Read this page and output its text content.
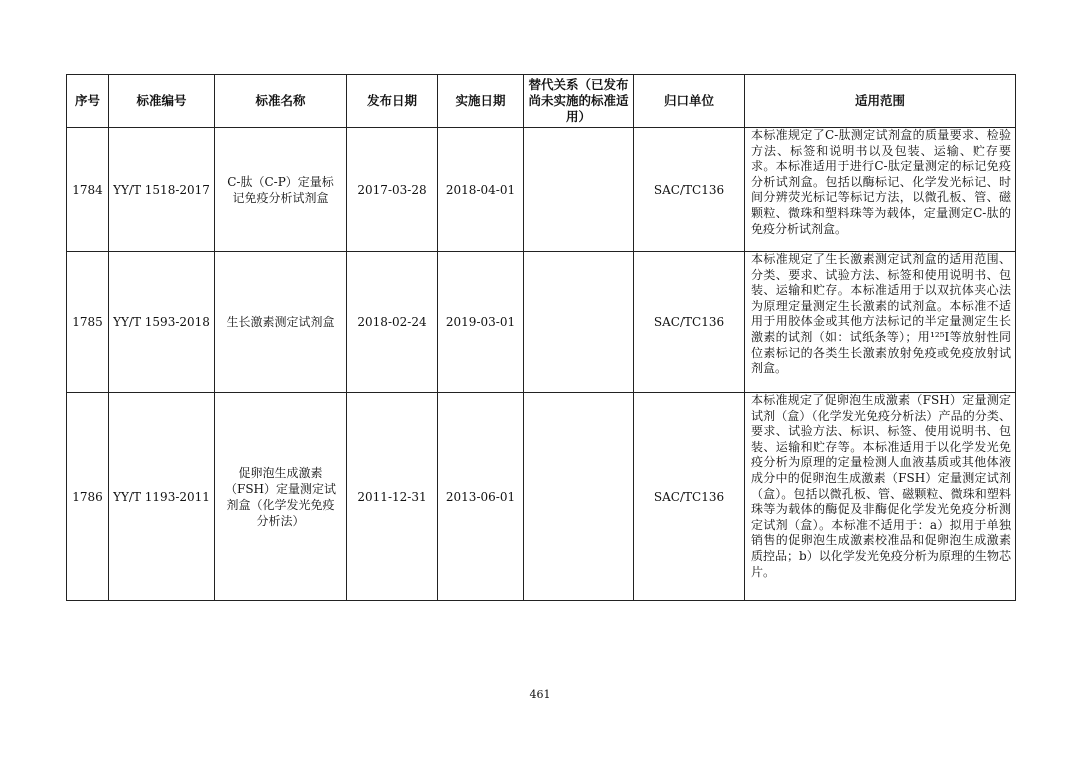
序号	标准编号	标准名称	发布日期	实施日期	替代关系（已发布尚未实施的标准适用）	归口单位	适用范围
1784	YY/T 1518-2017	C-肽（C-P）定量标记免疫分析试剂盒	2017-03-28	2018-04-01		SAC/TC136	本标准规定了C-肽测定试剂盒的质量要求、检验方法、标签和说明书以及包装、运输、贮存要求。本标准适用于进行C-肽定量测定的标记免疫分析试剂盒。包括以酶标记、化学发光标记、时间分辨荧光标记等标记方法，以微孔板、管、磁颗粒、微珠和塑料珠等为载体，定量测定C-肽的免疫分析试剂盒。
1785	YY/T 1593-2018	生长激素测定试剂盒	2018-02-24	2019-03-01		SAC/TC136	本标准规定了生长激素测定试剂盒的适用范围、分类、要求、试验方法、标签和使用说明书、包装、运输和贮存。本标准适用于以双抗体夹心法为原理定量测定生长激素的试剂盒。本标准不适用于用胶体金或其他方法标记的半定量测定生长激素的试剂（如：试纸条等）；用¹²⁵I等放射性同位素标记的各类生长激素放射免疫或免疫放射试剂盒。
1786	YY/T 1193-2011	促卵泡生成激素（FSH）定量测定试剂盒（化学发光免疫分析法）	2011-12-31	2013-06-01		SAC/TC136	本标准规定了促卵泡生成激素（FSH）定量测定试剂（盒）（化学发光免疫分析法）产品的分类、要求、试验方法、标识、标签、使用说明书、包装、运输和贮存等。本标准适用于以化学发光免疫分析为原理的定量检测人血液基质或其他体液成分中的促卵泡生成激素（FSH）定量测定试剂（盒）。包括以微孔板、管、磁颗粒、微珠和塑料珠等为载体的酶促及非酶促化学发光免疫分析测定试剂（盒）。本标准不适用于：a）拟用于单独销售的促卵泡生成激素校准品和促卵泡生成激素质控品；b）以化学发光免疫分析为原理的生物芯片。
461
